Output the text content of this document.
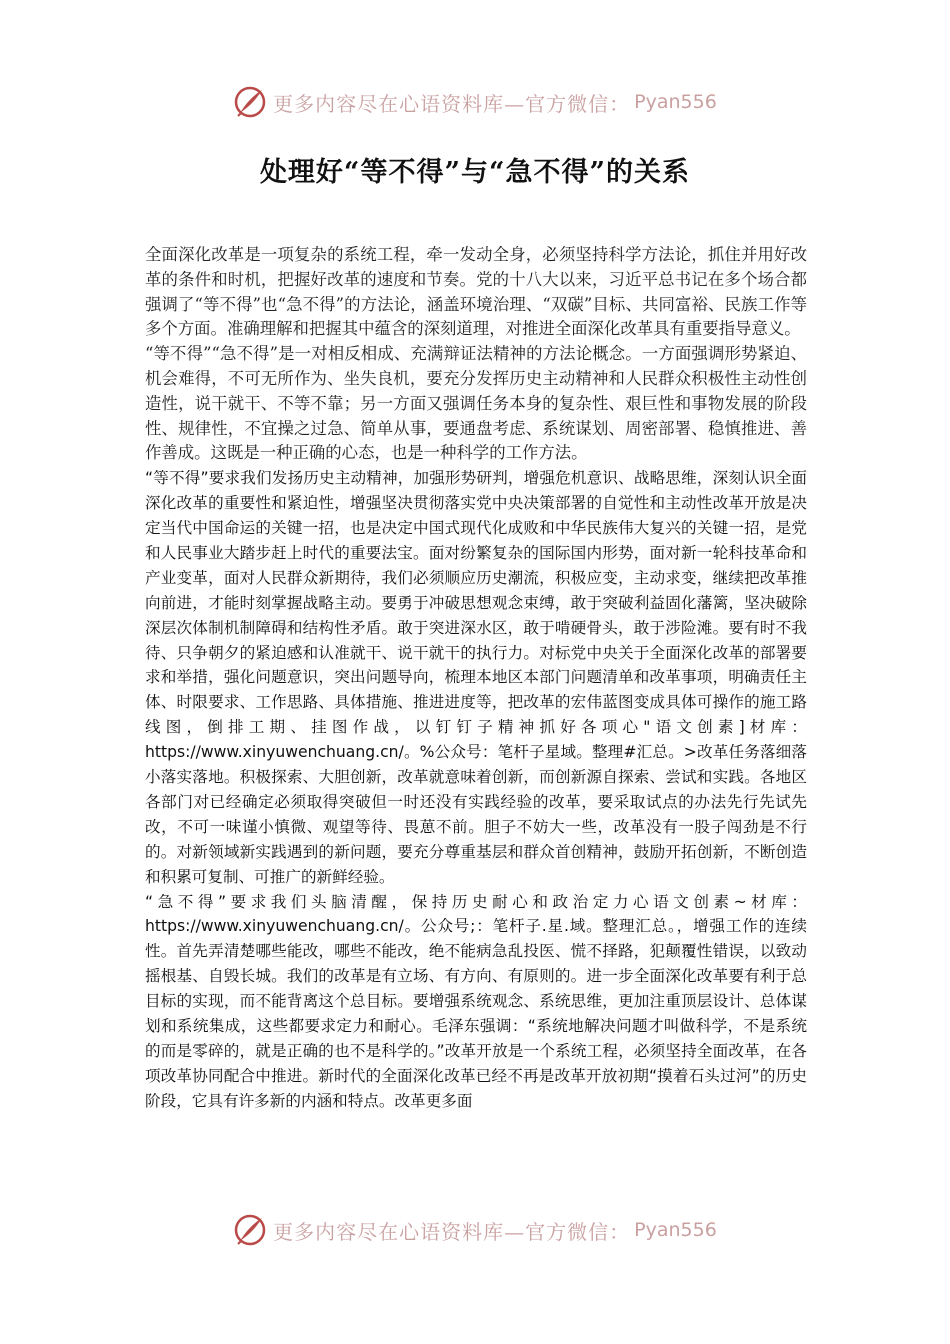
更多内容尽在心语资料库—官方微信： Pyan556
处理好“等不得”与“急不得”的关系

全面深化改革是一项复杂的系统工程，牵一发动全身，必须坚持科学方法论，抓住并用好改革的条件和时机，把握好改革的速度和节奏。党的十八大以来，习近平总书记在多个场合都强调了“等不得”也“急不得”的方法论，涵盖环境治理、“双碳”目标、共同富裕、民族工作等多个方面。准确理解和把握其中蕴含的深刻道理，对推进全面深化改革具有重要指导意义。

“等不得”“急不得”是一对相反相成、充满辩证法精神的方法论概念。一方面强调形势紧迫、机会难得，不可无所作为、坐失良机，要充分发挥历史主动精神和人民群众积极性主动性创造性，说干就干、不等不靠；另一方面又强调任务本身的复杂性、艰巨性和事物发展的阶段性、规律性，不宜操之过急、简单从事，要通盘考虑、系统谋划、周密部署、稳慎推进、善作善成。这既是一种正确的心态，也是一种科学的工作方法。

“等不得”要求我们发扬历史主动精神，加强形势研判，增强危机意识、战略思维，深刻认识全面深化改革的重要性和紧迫性，增强坚决贯彻落实党中央决策部署的自觉性和主动性改革开放是决定当代中国命运的关键一招，也是决定中国式现代化成败和中华民族伟大复兴的关键一招，是党和人民事业大踏步赶上时代的重要法宝。面对纷繁复杂的国际国内形势，面对新一轮科技革命和产业变革，面对人民群众新期待，我们必须顺应历史潮流，积极应变，主动求变，继续把改革推向前进，才能时刻掌握战略主动。要勇于冲破思想观念束缚，敢于突破利益固化藩篱，坚决破除深层次体制机制障碍和结构性矛盾。敢于突进深水区，敢于啃硬骨头，敢于涉险滩。要有时不我待、只争朝夕的紧迫感和认准就干、说干就干的执行力。对标党中央关于全面深化改革的部署要求和举措，强化问题意识，突出问题导向，梳理本地区本部门问题清单和改革事项，明确责任主体、时限要求、工作思路、具体措施、推进进度等，把改革的宏伟蓝图变成具体可操作的施工路线图，倒排工期、挂图作战，以钉钉子精神抓好各项心"语文创素]材库：https://www.xinyuwenchuang.cn/。%公众号：笔杆子星域。整理#汇总。>改革任务落细落小落实落地。积极探索、大胆创新，改革就意味着创新，而创新源自探索、尝试和实践。各地区各部门对已经确定必须取得突破但一时还没有实践经验的改革，要采取试点的办法先行先试先改，不可一味谨小慎微、观望等待、畏葸不前。胆子不妨大一些，改革没有一股子闯劲是不行的。对新领域新实践遇到的新问题，要充分尊重基层和群众首创精神，鼓励开拓创新，不断创造和积累可复制、可推广的新鲜经验。

“急不得”要求我们头脑清醒，保持历史耐心和政治定力心语文创素~材库：https://www.xinyuwenchuang.cn/。公众号;：笔杆子.星.域。整理汇总。，增强工作的连续性。首先弄清楚哪些能改，哪些不能改，绝不能病急乱投医、慌不择路，犯颠覆性错误，以致动摇根基、自毁长城。我们的改革是有立场、有方向、有原则的。进一步全面深化改革要有利于总目标的实现，而不能背离这个总目标。要增强系统观念、系统思维，更加注重顶层设计、总体谋划和系统集成，这些都要求定力和耐心。毛泽东强调：“系统地解决问题才叫做科学，不是系统的而是零碎的，就是正确的也不是科学的。”改革开放是一个系统工程，必须坚持全面改革，在各项改革协同配合中推进。新时代的全面深化改革已经不再是改革开放初期“摸着石头过河”的历史阶段，它具有许多新的内涵和特点。改革更多面

更多内容尽在心语资料库—官方微信： Pyan556
